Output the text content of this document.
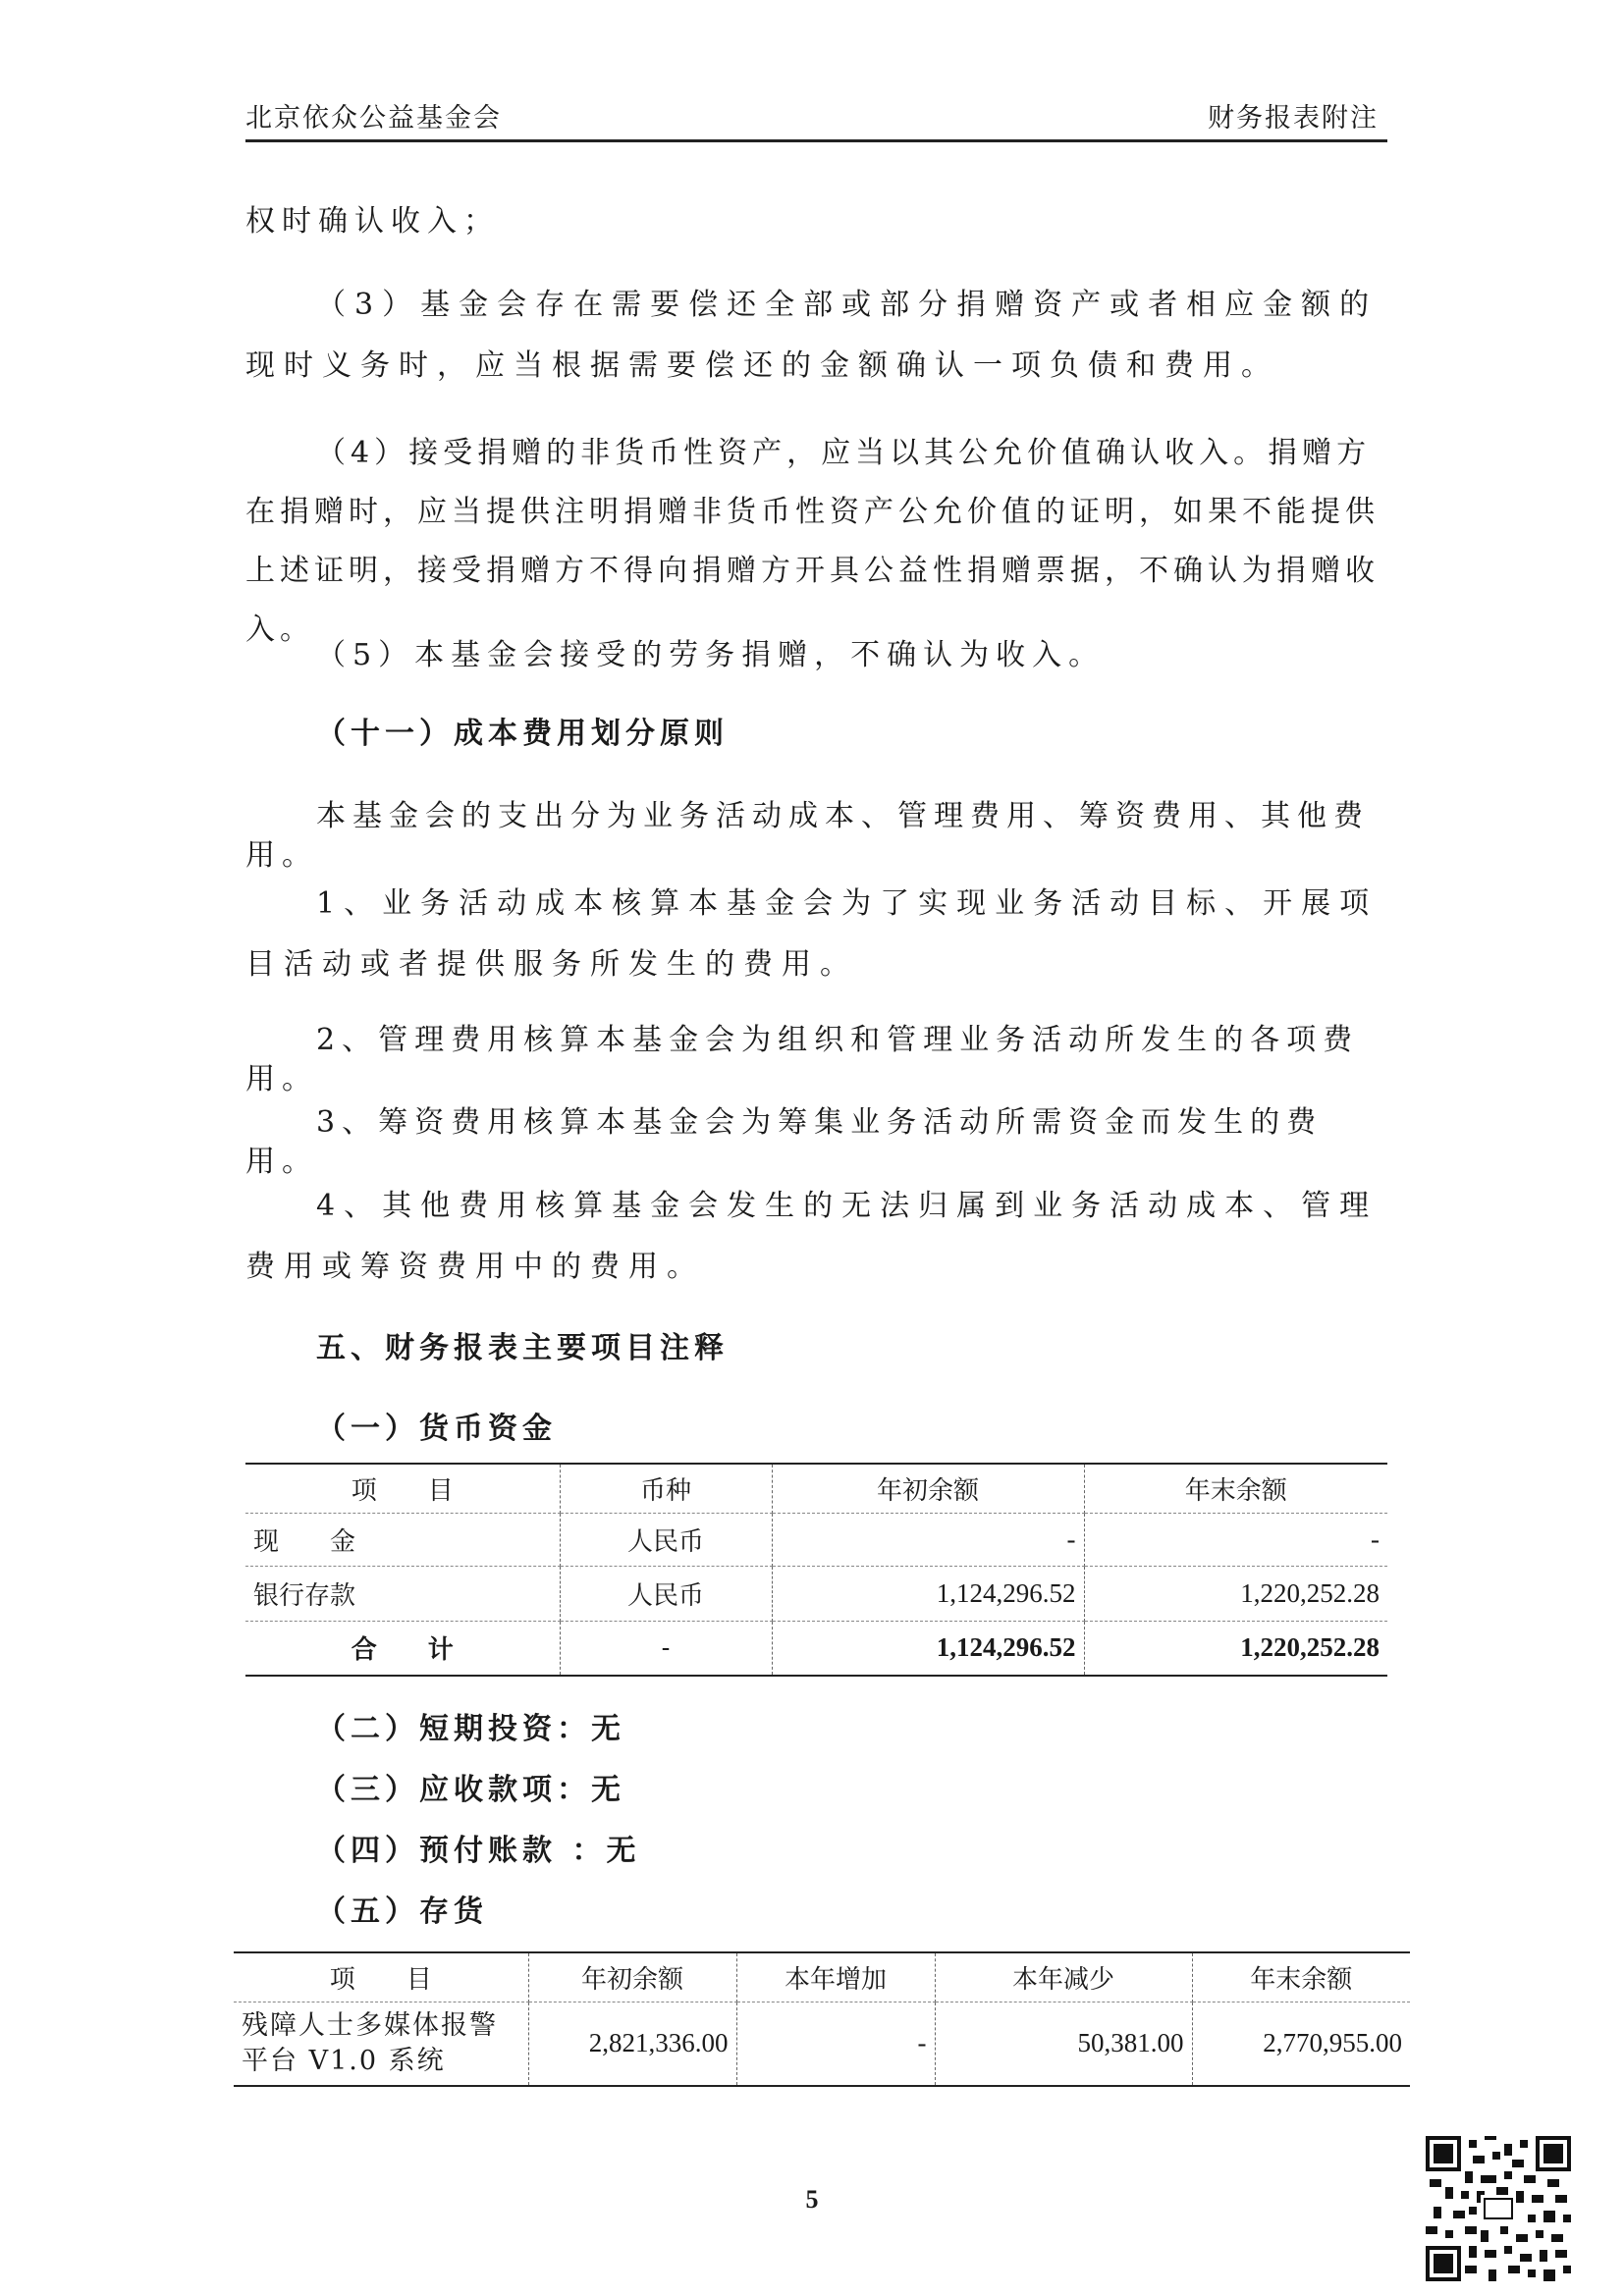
北京依众公益基金会	财务报表附注
权时确认收入；
（3）基金会存在需要偿还全部或部分捐赠资产或者相应金额的现时义务时，应当根据需要偿还的金额确认一项负债和费用。
（4）接受捐赠的非货币性资产，应当以其公允价值确认收入。捐赠方在捐赠时，应当提供注明捐赠非货币性资产公允价值的证明，如果不能提供上述证明，接受捐赠方不得向捐赠方开具公益性捐赠票据，不确认为捐赠收入。
（5）本基金会接受的劳务捐赠，不确认为收入。
（十一）成本费用划分原则
本基金会的支出分为业务活动成本、管理费用、筹资费用、其他费用。
1、业务活动成本核算本基金会为了实现业务活动目标、开展项目活动或者提供服务所发生的费用。
2、管理费用核算本基金会为组织和管理业务活动所发生的各项费用。
3、筹资费用核算本基金会为筹集业务活动所需资金而发生的费用。
4、其他费用核算基金会发生的无法归属到业务活动成本、管理费用或筹资费用中的费用。
五、财务报表主要项目注释
（一）货币资金
项　　目	币种	年初余额	年末余额
现　　金	人民币	-	-
银行存款	人民币	1,124,296.52	1,220,252.28
合　　计	-	1,124,296.52	1,220,252.28
（二）短期投资：无
（三）应收款项：无
（四）预付账款 ：无
（五）存货
项　　目	年初余额	本年增加	本年减少	年末余额
残障人士多媒体报警平台 V1.0 系统	2,821,336.00	-	50,381.00	2,770,955.00
5
